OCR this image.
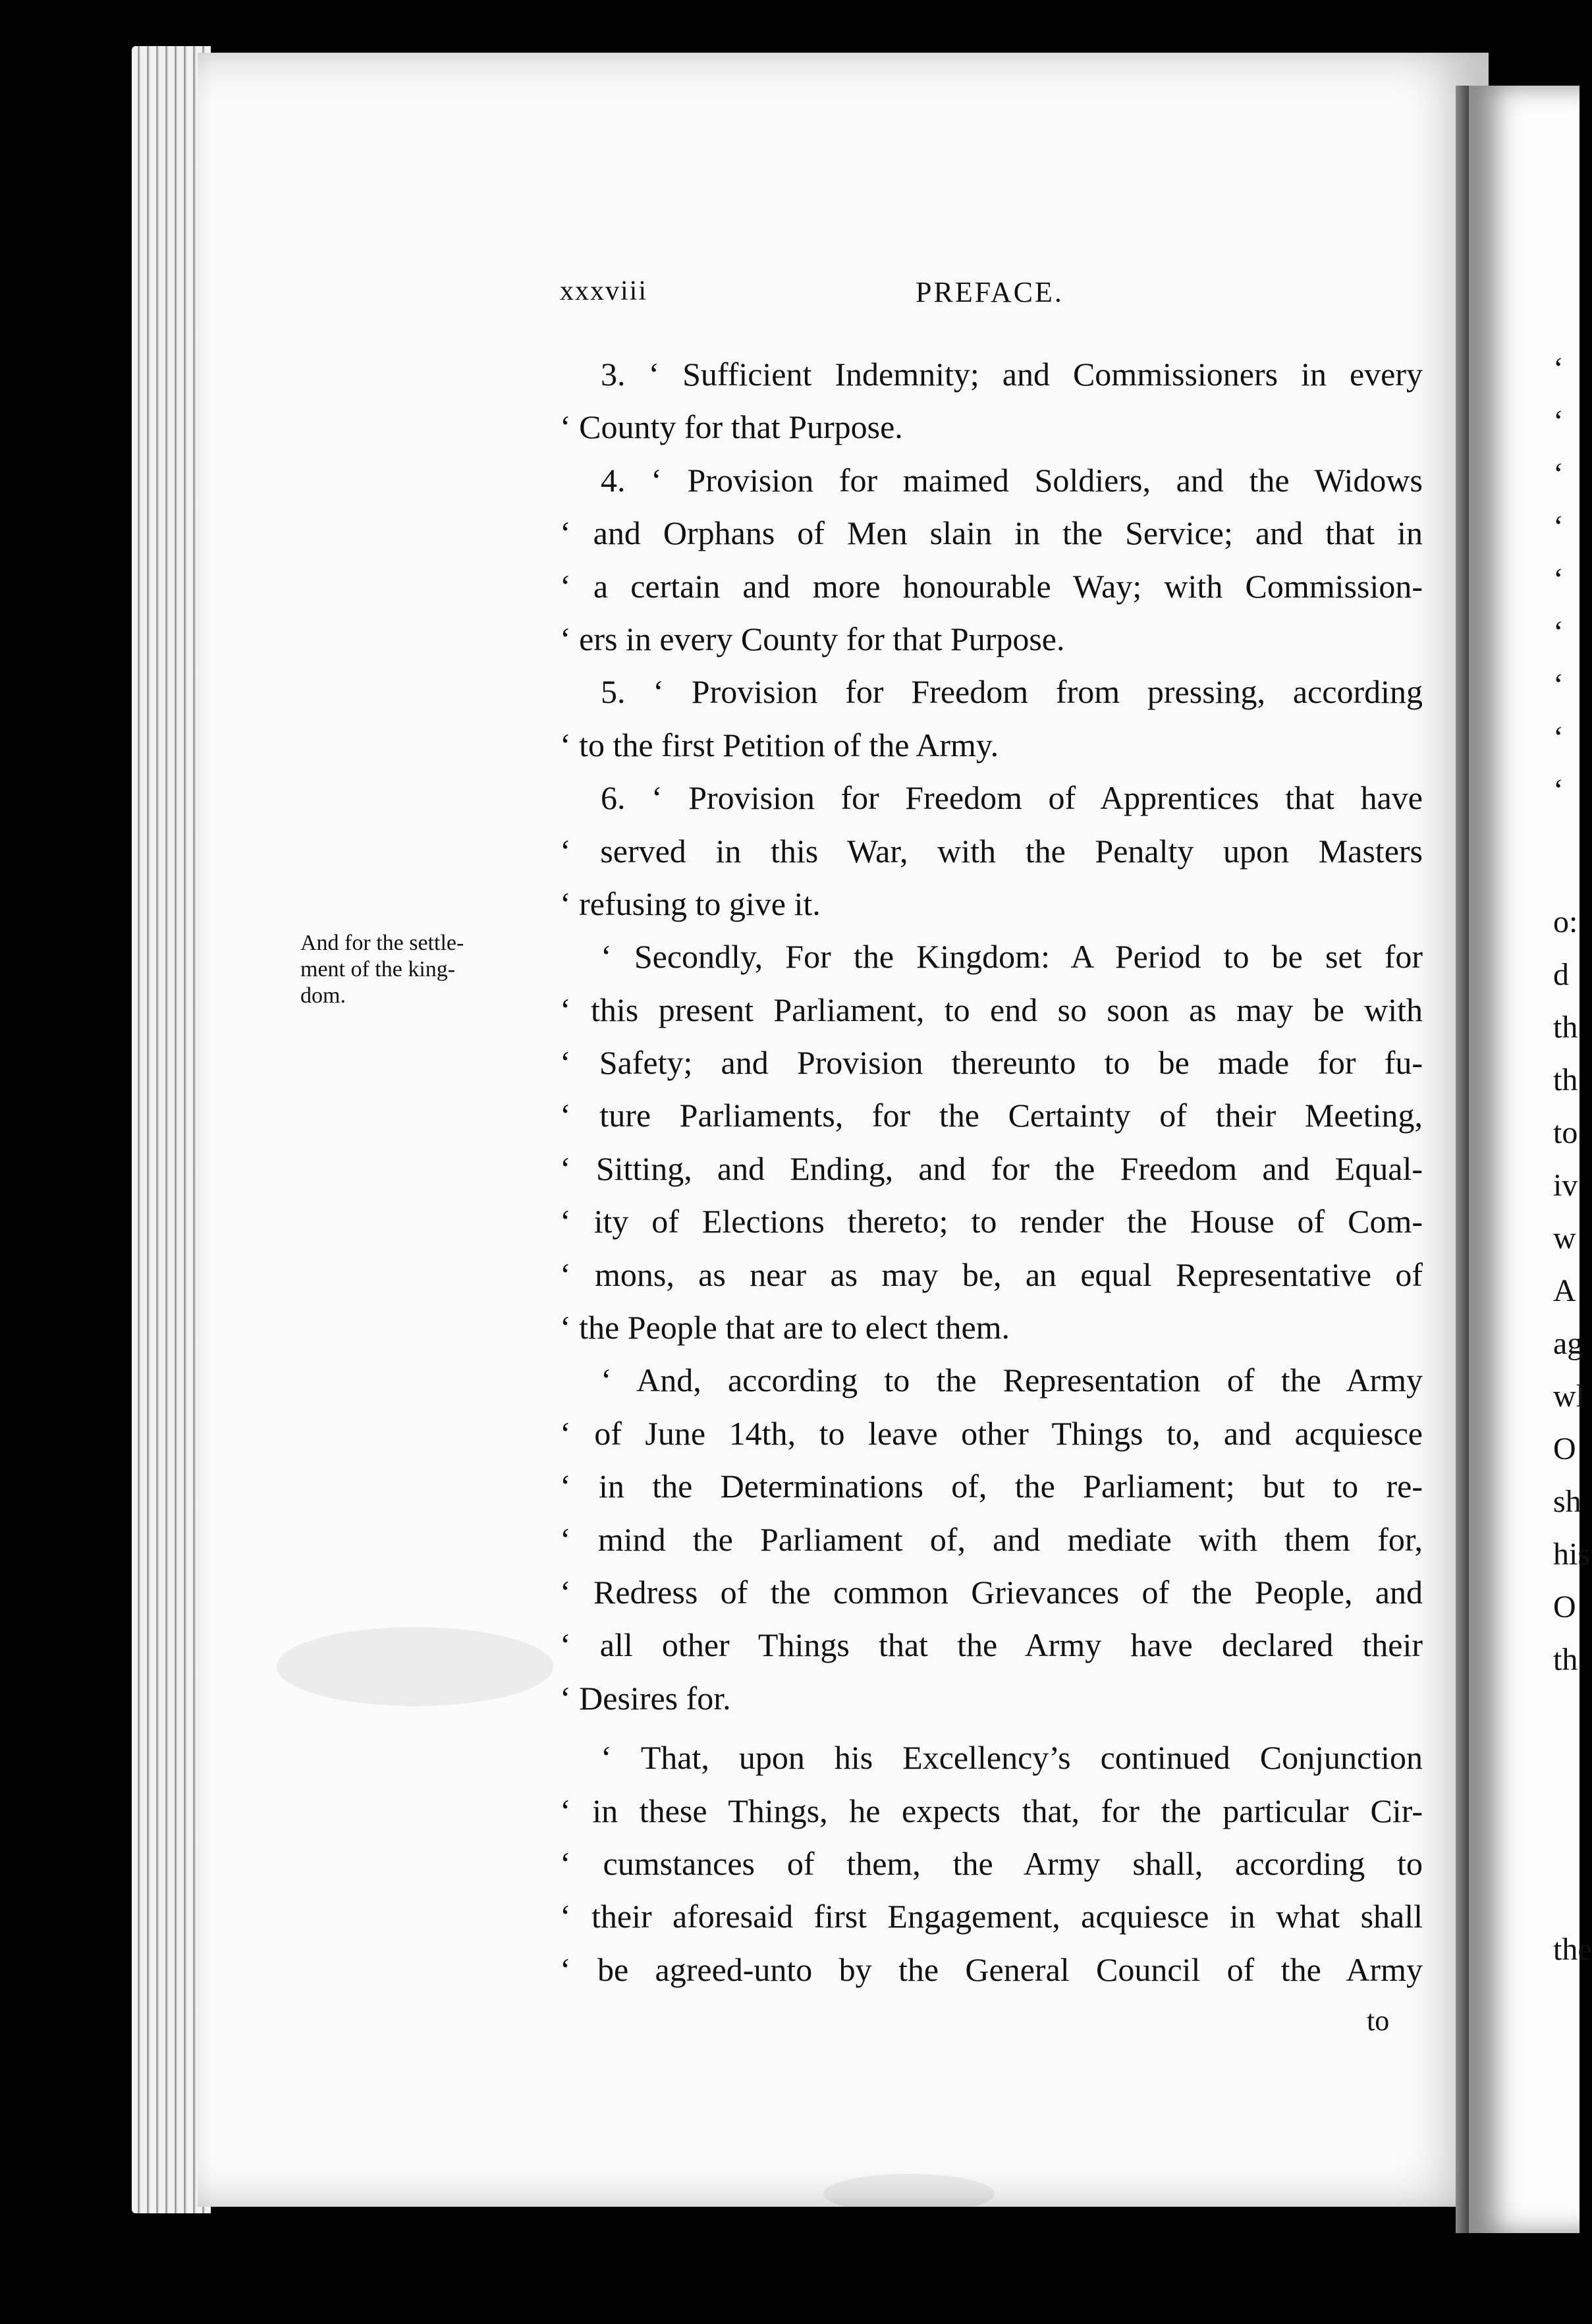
xxxviii	PREFACE.
And for the settle-
ment of the king-
dom.
3. ‘ Sufficient Indemnity; and Commissioners in every
‘ County for that Purpose.
4. ‘ Provision for maimed Soldiers, and the Widows
‘ and Orphans of Men slain in the Service; and that in
‘ a certain and more honourable Way; with Commission-
‘ ers in every County for that Purpose.
5. ‘ Provision for Freedom from pressing, according
‘ to the first Petition of the Army.
6. ‘ Provision for Freedom of Apprentices that have
‘ served in this War, with the Penalty upon Masters
‘ refusing to give it.
‘ Secondly, For the Kingdom: A Period to be set for
‘ this present Parliament, to end so soon as may be with
‘ Safety; and Provision thereunto to be made for fu-
‘ ture Parliaments, for the Certainty of their Meeting,
‘ Sitting, and Ending, and for the Freedom and Equal-
‘ ity of Elections thereto; to render the House of Com-
‘ mons, as near as may be, an equal Representative of
‘ the People that are to elect them.
‘ And, according to the Representation of the Army
‘ of June 14th, to leave other Things to, and acquiesce
‘ in the Determinations of, the Parliament; but to re-
‘ mind the Parliament of, and mediate with them for,
‘ Redress of the common Grievances of the People, and
‘ all other Things that the Army have declared their
‘ Desires for.
‘ That, upon his Excellency’s continued Conjunction
‘ in these Things, he expects that, for the particular Cir-
‘ cumstances of them, the Army shall, according to
‘ their aforesaid first Engagement, acquiesce in what shall
‘ be agreed-unto by the General Council of the Army
to
‘
‘
‘
‘
‘
‘
‘
‘
‘
o:
d
th
th
to
iv
w
A
ag
wl
O
sh
his
O
th
the
